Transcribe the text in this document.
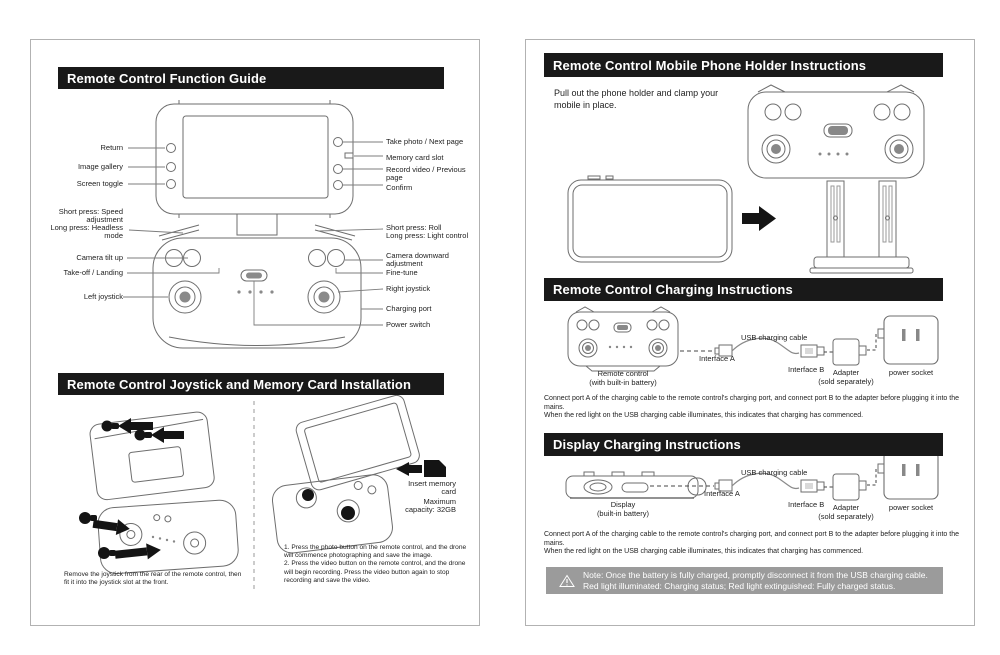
Remote Control Function Guide
Remote Control Joystick and Memory Card Installation
Return
Image gallery
Screen toggle
Short press: Speed adjustment
Long press: Headless mode
Camera tilt up
Take-off / Landing
Left joystick
Take photo / Next page
Memory card slot
Record video / Previous page
Confirm
Short press: Roll
Long press: Light control
Camera downward adjustment
Fine-tune
Right joystick
Charging port
Power switch
Insert memory card
Maximum capacity: 32GB
Remove the joystick from the rear of the remote control, then fit it into the joystick slot at the front.
1. Press the photo button on the remote control, and the drone will commence photographing and save the image.
2. Press the video button on the remote control, and the drone will begin recording. Press the video button again to stop recording and save the video.
Remote Control Mobile Phone Holder Instructions
Remote Control Charging Instructions
Display Charging Instructions
Pull out the phone holder and clamp your mobile in place.
USB charging cable
Interface A
Interface B	Adapter
(sold separately)
power socket
Remote control
(with built-in battery)
Connect port A of the charging cable to the remote control's charging port, and connect port B to the adapter before plugging it into the mains.
When the red light on the USB charging cable illuminates, this indicates that charging has commenced.
USB charging cable
Interface A
Interface B	Adapter
(sold separately)
power socket
Display
(built-in battery)
Connect port A of the charging cable to the remote control's charging port, and connect port B to the adapter before plugging it into the mains.
When the red light on the USB charging cable illuminates, this indicates that charging has commenced.
Note: Once the battery is fully charged, promptly disconnect it from the USB charging cable.
Red light illuminated: Charging status; Red light extinguished: Fully charged status.
